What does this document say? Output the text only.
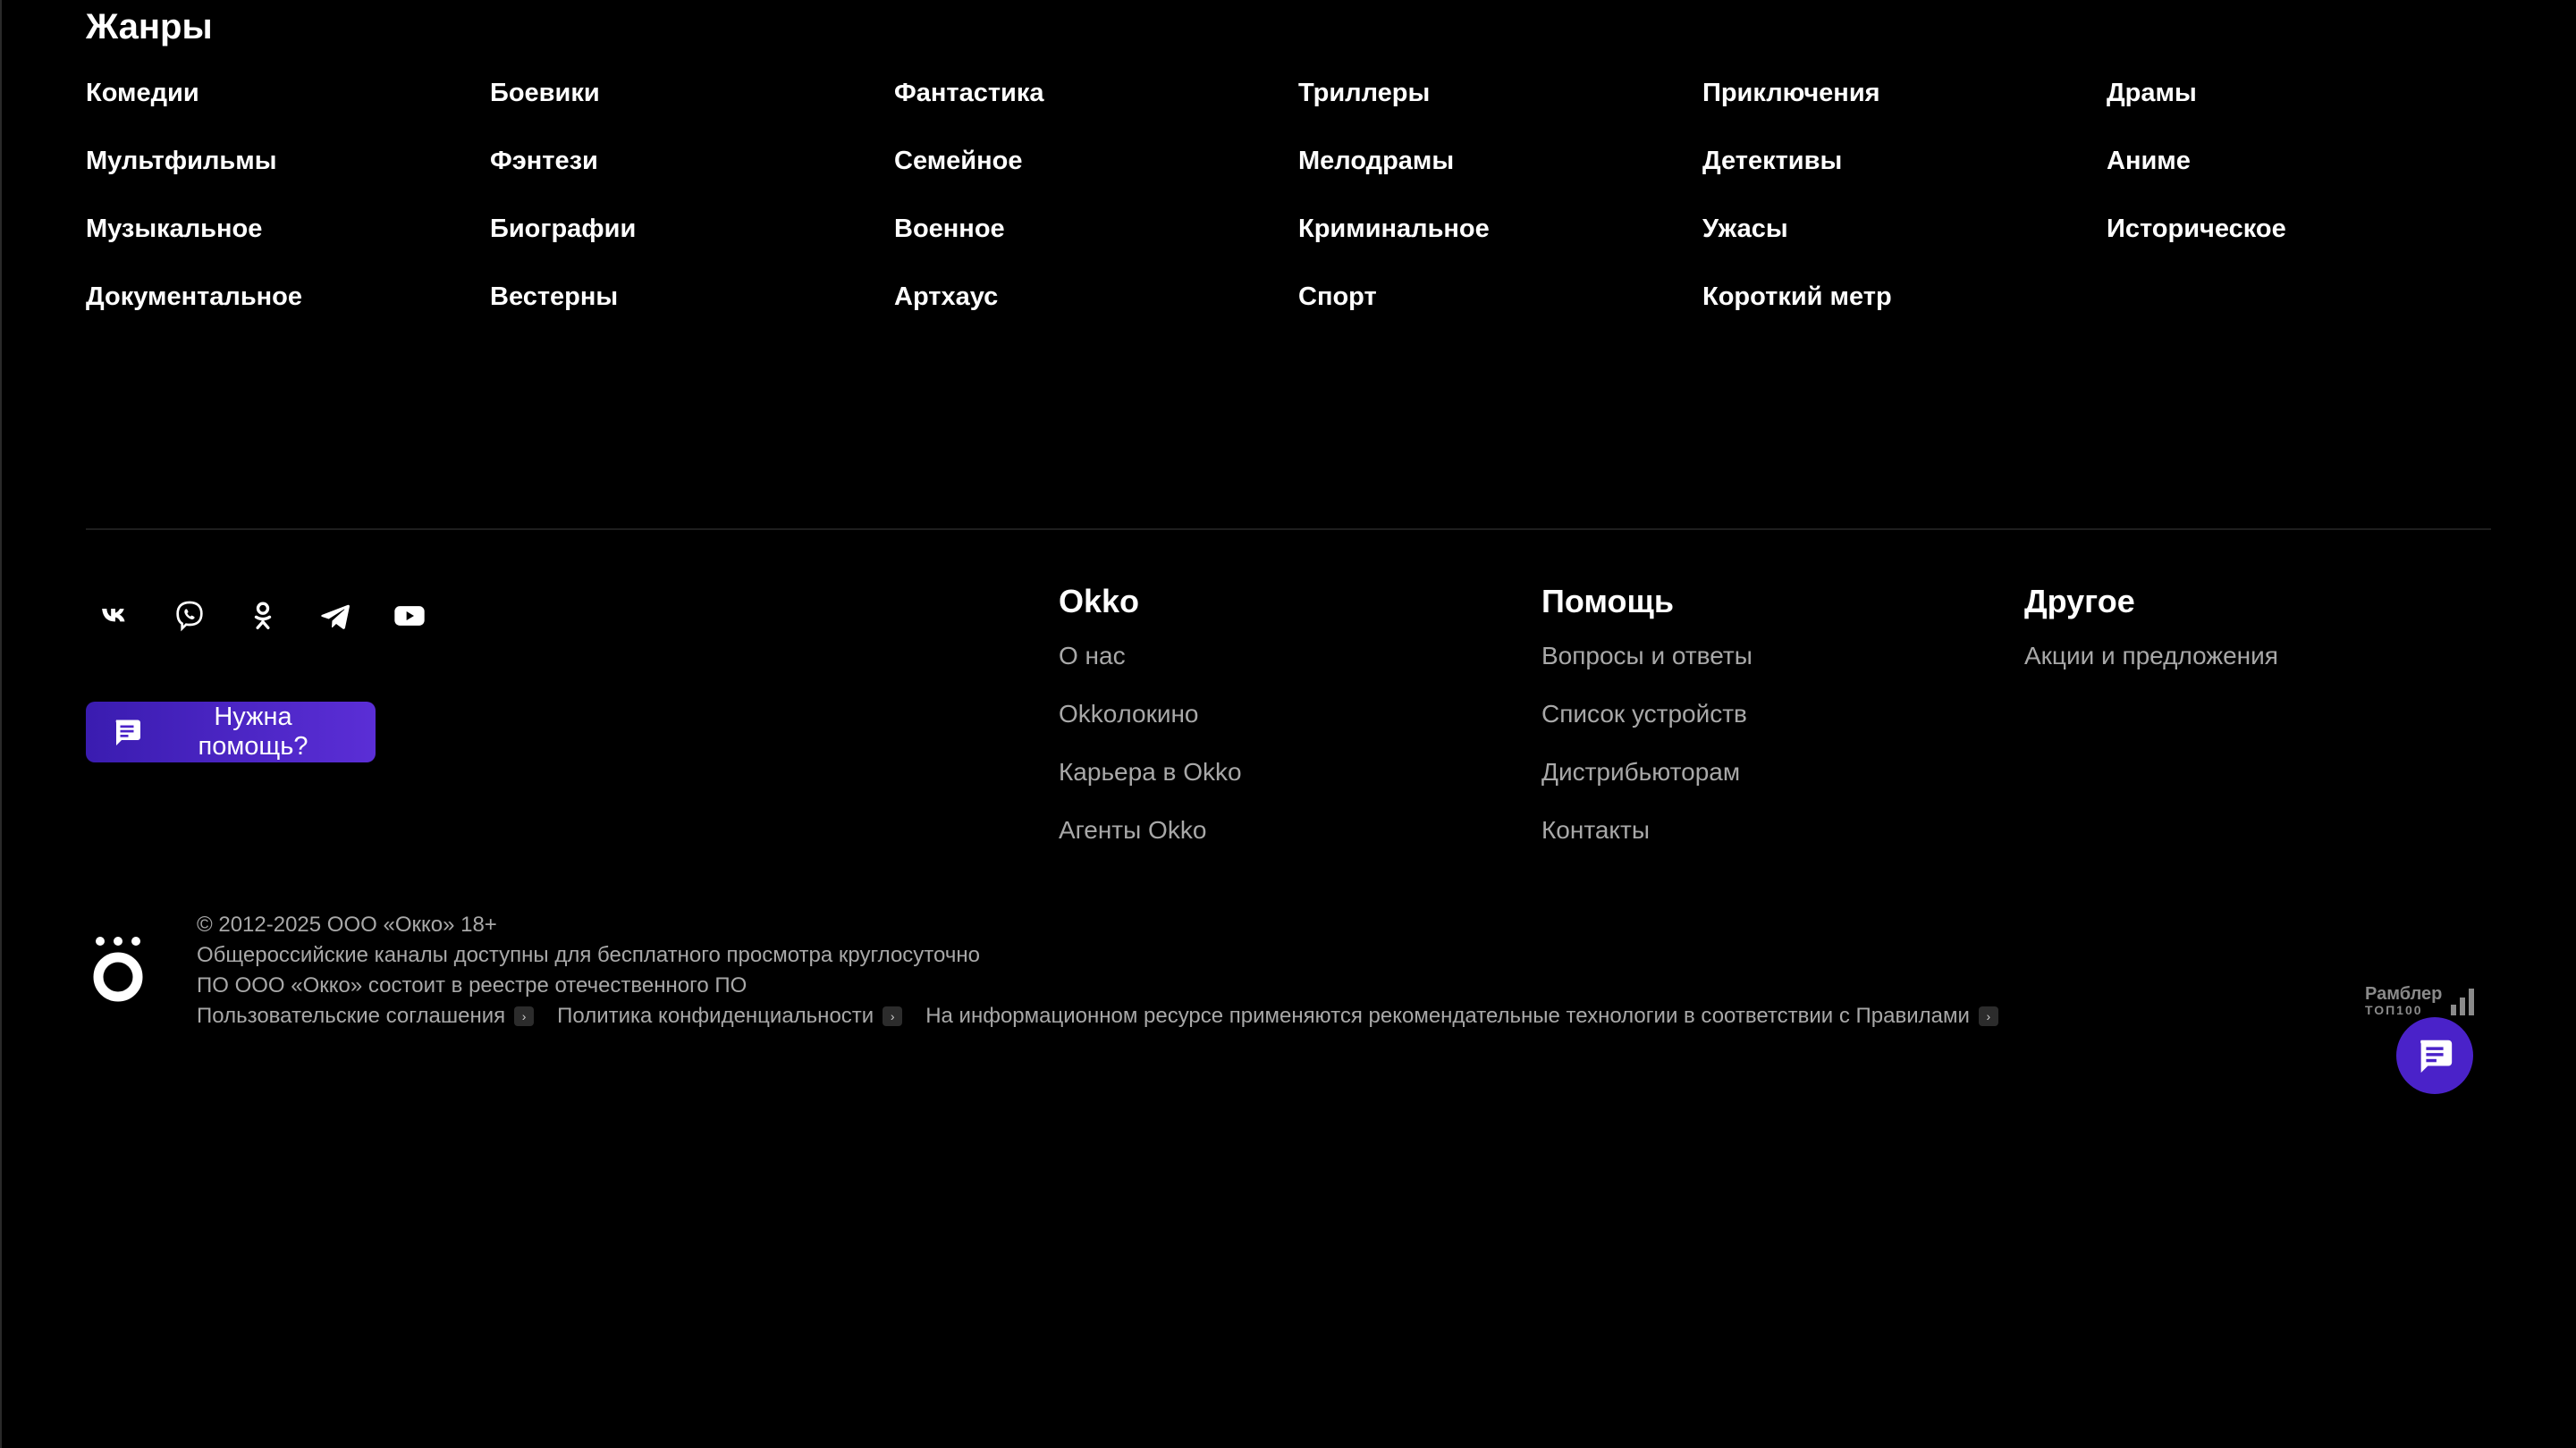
Жанры
Комедии	Боевики	Фантастика	Триллеры	Приключения	Драмы
Мультфильмы	Фэнтези	Семейное	Мелодрамы	Детективы	Аниме
Музыкальное	Биографии	Военное	Криминальное	Ужасы	Историческое
Документальное	Вестерны	Артхаус	Спорт	Короткий метр
Нужна помощь?
Okko
О нас
Okkoлокино
Карьера в Okko
Агенты Okko
Помощь
Вопросы и ответы
Список устройств
Дистрибьюторам
Контакты
Другое
Акции и предложения
© 2012-2025 ООО «Окко» 18+
Общероссийские каналы доступны для бесплатного просмотра круглосуточно
ПО ООО «Окко» состоит в реестре отечественного ПО
Пользовательские соглашения	›	Политика конфиденциальности	›	На информационном ресурсе применяются рекомендательные технологии в соответствии с Правилами	›
Рамблер
ТОП100
